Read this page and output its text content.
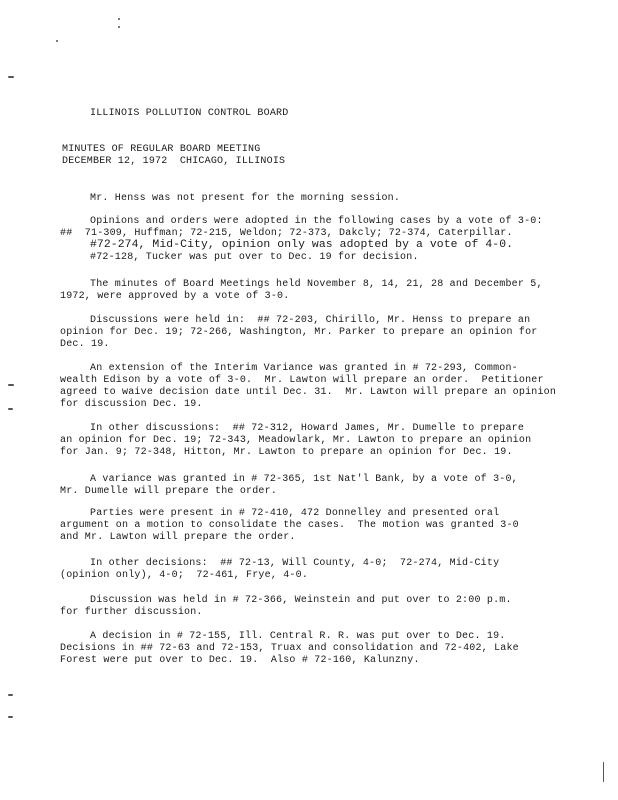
ILLINOIS POLLUTION CONTROL BOARD
MINUTES OF REGULAR BOARD MEETING
DECEMBER 12, 1972  CHICAGO, ILLINOIS
Mr. Henss was not present for the morning session.
Opinions and orders were adopted in the following cases by a vote of 3-0:
##  71-309, Huffman; 72-215, Weldon; 72-373, Dakcly; 72-374, Caterpillar.
#72-274, Mid-City, opinion only was adopted by a vote of 4-0.
#72-128, Tucker was put over to Dec. 19 for decision.
The minutes of Board Meetings held November 8, 14, 21, 28 and December 5,
1972, were approved by a vote of 3-0.
Discussions were held in:  ## 72-203, Chirillo, Mr. Henss to prepare an
opinion for Dec. 19; 72-266, Washington, Mr. Parker to prepare an opinion for
Dec. 19.
An extension of the Interim Variance was granted in # 72-293, Common-
wealth Edison by a vote of 3-0.  Mr. Lawton will prepare an order.  Petitioner
agreed to waive decision date until Dec. 31.  Mr. Lawton will prepare an opinion
for discussion Dec. 19.
In other discussions:  ## 72-312, Howard James, Mr. Dumelle to prepare
an opinion for Dec. 19; 72-343, Meadowlark, Mr. Lawton to prepare an opinion
for Jan. 9; 72-348, Hitton, Mr. Lawton to prepare an opinion for Dec. 19.
A variance was granted in # 72-365, 1st Nat'l Bank, by a vote of 3-0,
Mr. Dumelle will prepare the order.
Parties were present in # 72-410, 472 Donnelley and presented oral
argument on a motion to consolidate the cases.  The motion was granted 3-0
and Mr. Lawton will prepare the order.
In other decisions:  ## 72-13, Will County, 4-0;  72-274, Mid-City
(opinion only), 4-0;  72-461, Frye, 4-0.
Discussion was held in # 72-366, Weinstein and put over to 2:00 p.m.
for further discussion.
A decision in # 72-155, Ill. Central R. R. was put over to Dec. 19.
Decisions in ## 72-63 and 72-153, Truax and consolidation and 72-402, Lake
Forest were put over to Dec. 19.  Also # 72-160, Kalunzny.
